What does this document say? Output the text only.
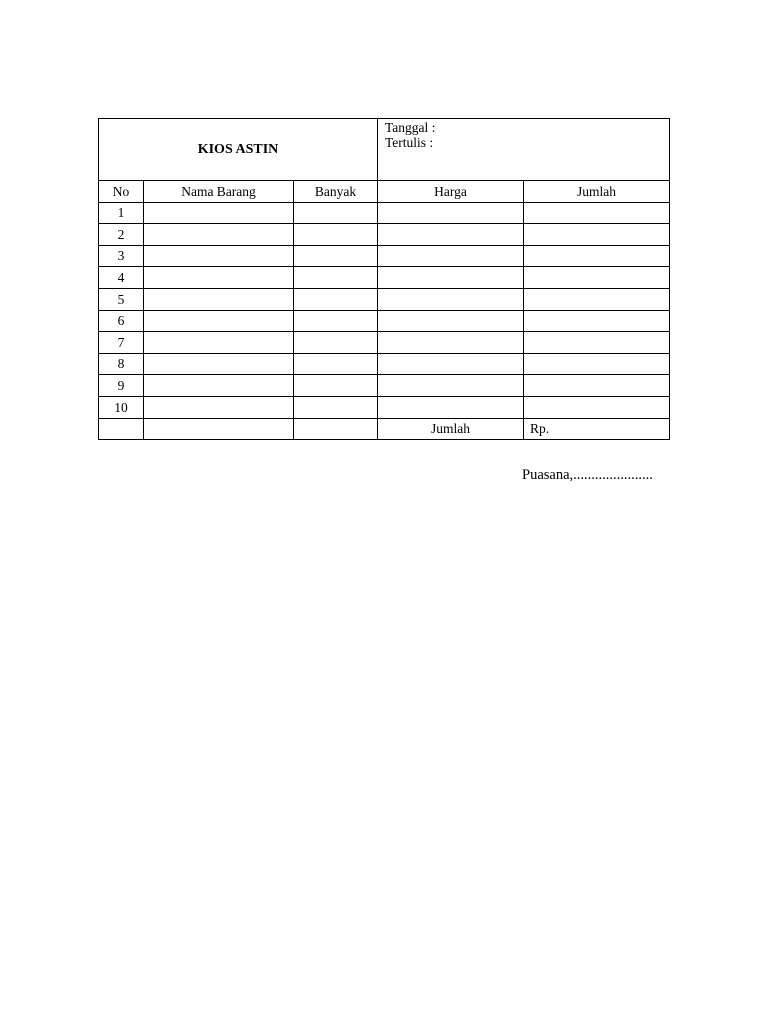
KIOS ASTIN			Tanggal :
Tertulis :	

No	Nama Barang	Banyak	Harga	Jumlah
1				
2				
3				
4				
5				
6				
7				
8				
9				
10				
			Jumlah	Rp.
Puasana,......................
